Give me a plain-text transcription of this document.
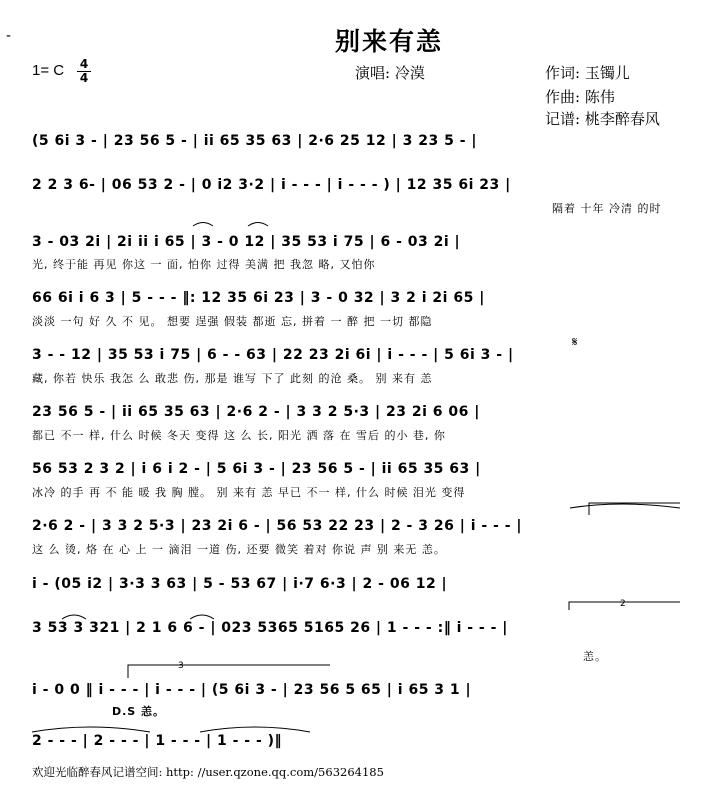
-	别来有恙
1= C 4
4	演唱: 冷漠	作词: 玉镯儿
作曲: 陈伟
记谱: 桃李醉春风
(5 6i 3 - | 23 56 5 - | ii 65 35 63 | 2·6 25 12 | 3 23 5 - |
2 2 3 6- | 06 53 2 - | 0 i2 3·2 | i - - - | i - - - ) | 12 35 6i 23 |
隔着 十年 冷清 的时
3 - 03 2i | 2i ii i 65 | 3 - 0 12 | 35 53 i 75 | 6 - 03 2i |
光, 终于能 再见 你这 一 面, 怕你 过得 美满 把 我忽 略, 又怕你
66 6i i 6 3 | 5 - - - ‖: 12 35 6i 23 | 3 - 0 32 | 3 2 i 2i 65 |
淡淡 一句 好 久 不 见。 想要 逞强 假装 都逝 忘, 拼着 一 醉 把 一切 都隐
3 - - 12 | 35 53 i 75 | 6 - - 63 | 22 23 2i 6i | i - - - | 5 6i 3 - |
藏, 你若 快乐 我怎 么 敢悲 伤, 那是 谁写 下了 此刻 的沧 桑。 别 来有 恙
23 56 5 - | ii 65 35 63 | 2·6 2 - | 3 3 2 5·3 | 23 2i 6 06 |
都已 不一 样, 什么 时候 冬天 变得 这 么 长, 阳光 洒 落 在 雪后 的小 巷, 你
56 53 2 3 2 | i 6 i 2 - | 5 6i 3 - | 23 56 5 - | ii 65 35 63 |
冰冷 的手 再 不 能 暖 我 胸 膛。 别 来有 恙 早已 不一 样, 什么 时候 泪光 变得
2·6 2 - | 3 3 2 5·3 | 23 2i 6 - | 56 53 22 23 | 2 - 3 26 | i - - - |
这 么 烫, 烙 在 心 上 一 滴泪 一道 伤, 还要 微笑 着对 你说 声 别 来无 恙。
i - (05 i2 | 3·3 3 63 | 5 - 53 67 | i·7 6·3 | 2 - 06 12 |
3 53 3 321 | 2 1 6 6 - | 023 5365 5165 26 | 1 - - - :‖ i - - - |
恙。
i - 0 0 ‖ i - - - | i - - - | (5 6i 3 - | 23 56 5 65 | i 65 3 1 |
D.S 恙。
2 - - - | 2 - - - | 1 - - - | 1 - - - )‖
2
3
𝄋
欢迎光临醉春风记谱空间: http: //user.qzone.qq.com/563264185
